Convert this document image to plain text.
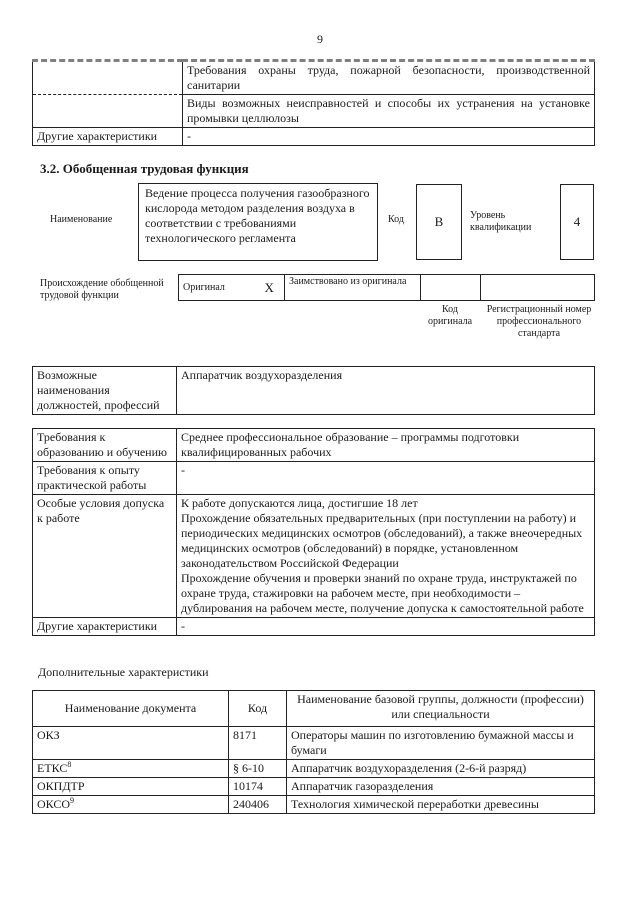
9
	Требования охраны труда, пожарной безопасности, производственной санитарии
	Виды возможных неисправностей и способы их устранения на установке промывки целлюлозы
Другие характеристики	-
3.2. Обобщенная трудовая функция
Наименование
Ведение процесса получения газообразного кислорода методом разделения воздуха в соответствии с требованиями технологического регламента
Код	B	Уровень квалификации	4
Происхождение обобщенной трудовой функции
Оригинал	X	Заимствовано из оригинала		
Код оригинала
Регистрационный номер профессионального стандарта
Возможные наименования должностей, профессий	Аппаратчик воздухоразделения
Требования к образованию и обучению	Среднее профессиональное образование – программы подготовки квалифицированных рабочих
Требования к опыту практической работы	-
Особые условия допуска к работе	К работе допускаются лица, достигшие 18 лет
Прохождение обязательных предварительных (при поступлении на работу) и периодических медицинских осмотров (обследований), а также внеочередных медицинских осмотров (обследований) в порядке, установленном законодательством Российской Федерации
Прохождение обучения и проверки знаний по охране труда, инструктажей по охране труда, стажировки на рабочем месте, при необходимости – дублирования на рабочем месте, получение допуска к самостоятельной работе

Другие характеристики	-
Дополнительные характеристики
Наименование документа	Код	Наименование базовой группы, должности (профессии) или специальности
ОКЗ	8171	Операторы машин по изготовлению бумажной массы и бумаги
ЕТКС$^8$	§ 6-10	Аппаратчик воздухоразделения (2-6-й разряд)
ОКПДТР	10174	Аппаратчик газоразделения
ОКСО$^9$	240406	Технология химической переработки древесины
